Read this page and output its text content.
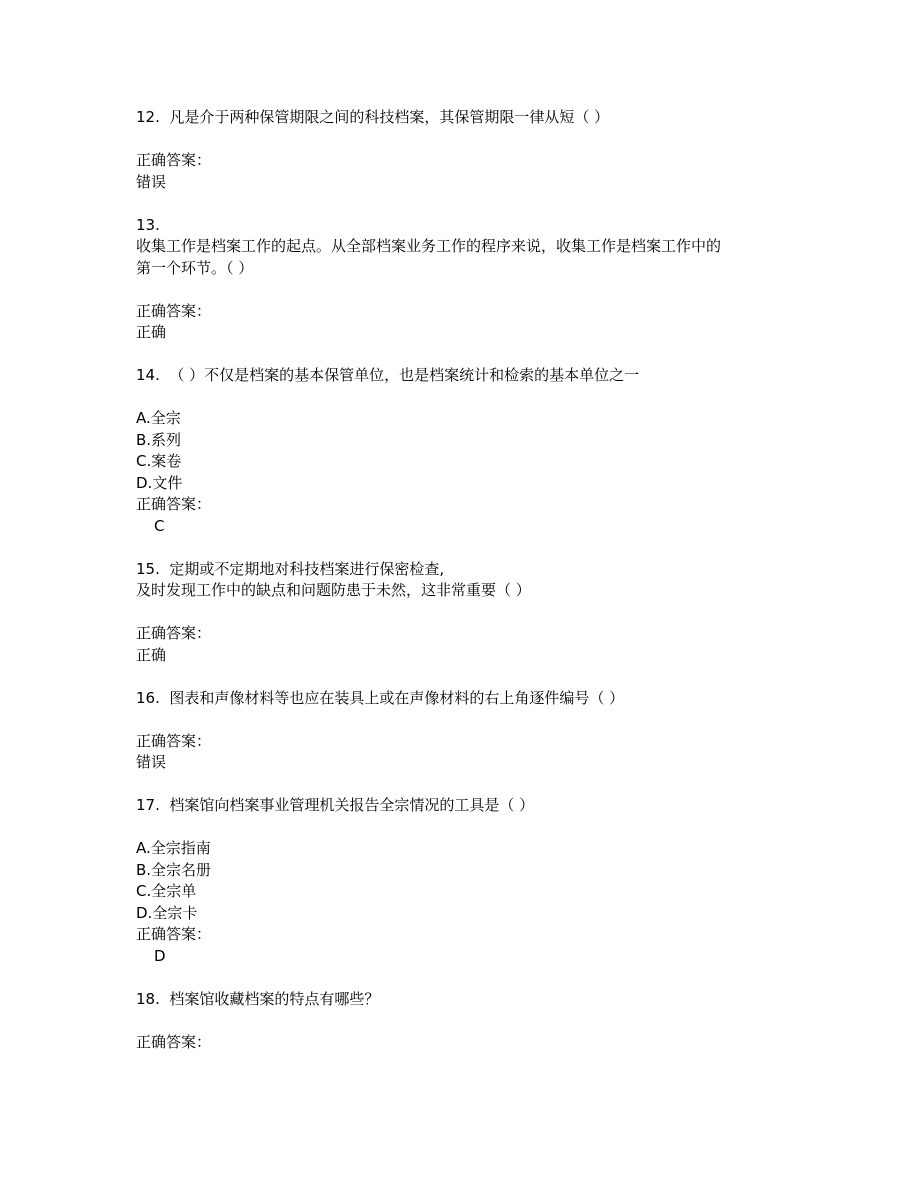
12. 凡是介于两种保管期限之间的科技档案，其保管期限一律从短（ ）
正确答案：
错误
13.
收集工作是档案工作的起点。从全部档案业务工作的程序来说，收集工作是档案工作中的
第一个环节。（ ）
正确答案：
正确
14. （ ）不仅是档案的基本保管单位，也是档案统计和检索的基本单位之一
A.全宗
B.系列
C.案卷
D.文件
正确答案：
C
15. 定期或不定期地对科技档案进行保密检查,
及时发现工作中的缺点和问题防患于未然，这非常重要（ ）
正确答案：
正确
16. 图表和声像材料等也应在装具上或在声像材料的右上角逐件编号（ ）
正确答案：
错误
17. 档案馆向档案事业管理机关报告全宗情况的工具是（ ）
A.全宗指南
B.全宗名册
C.全宗单
D.全宗卡
正确答案：
D
18. 档案馆收藏档案的特点有哪些？
正确答案：
